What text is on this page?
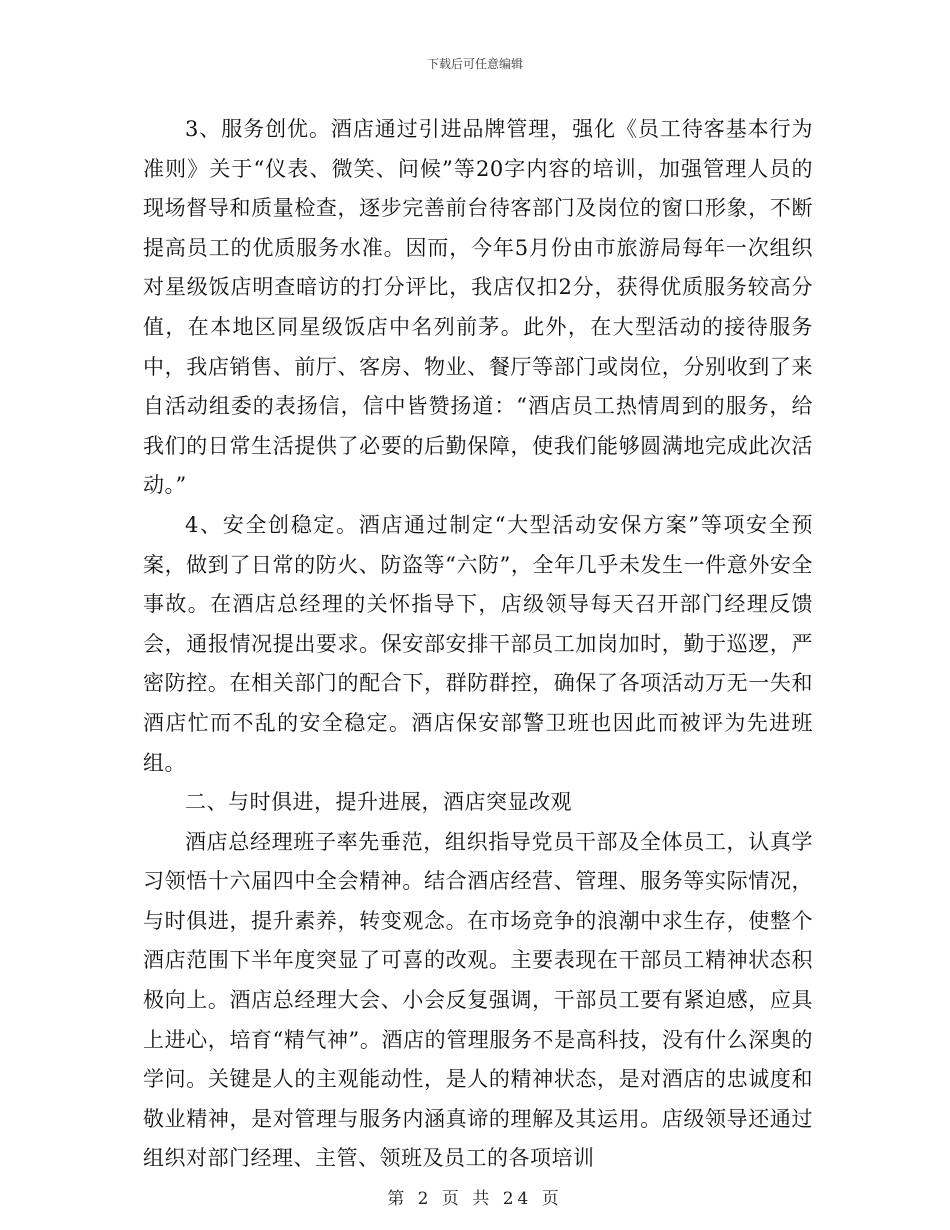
下载后可任意编辑

3、服务创优。酒店通过引进品牌管理，强化《员工待客基本行为准则》关于“仪表、微笑、问候”等20字内容的培训，加强管理人员的现场督导和质量检查，逐步完善前台待客部门及岗位的窗口形象，不断提高员工的优质服务水准。因而，今年5月份由市旅游局每年一次组织对星级饭店明查暗访的打分评比，我店仅扣2分，获得优质服务较高分值，在本地区同星级饭店中名列前茅。此外，在大型活动的接待服务中，我店销售、前厅、客房、物业、餐厅等部门或岗位，分别收到了来自活动组委的表扬信，信中皆赞扬道：“酒店员工热情周到的服务，给我们的日常生活提供了必要的后勤保障，使我们能够圆满地完成此次活动。”

4、安全创稳定。酒店通过制定“大型活动安保方案”等项安全预案，做到了日常的防火、防盗等“六防”，全年几乎未发生一件意外安全事故。在酒店总经理的关怀指导下，店级领导每天召开部门经理反馈会，通报情况提出要求。保安部安排干部员工加岗加时，勤于巡逻，严密防控。在相关部门的配合下，群防群控，确保了各项活动万无一失和酒店忙而不乱的安全稳定。酒店保安部警卫班也因此而被评为先进班组。

二、与时俱进，提升进展，酒店突显改观

酒店总经理班子率先垂范，组织指导党员干部及全体员工，认真学习领悟十六届四中全会精神。结合酒店经营、管理、服务等实际情况，与时俱进，提升素养，转变观念。在市场竞争的浪潮中求生存，使整个酒店范围下半年度突显了可喜的改观。主要表现在干部员工精神状态积极向上。酒店总经理大会、小会反复强调，干部员工要有紧迫感，应具上进心，培育“精气神”。酒店的管理服务不是高科技，没有什么深奥的学问。关键是人的主观能动性，是人的精神状态，是对酒店的忠诚度和敬业精神，是对管理与服务内涵真谛的理解及其运用。店级领导还通过组织对部门经理、主管、领班及员工的各项培训

第 2 页 共 24 页
